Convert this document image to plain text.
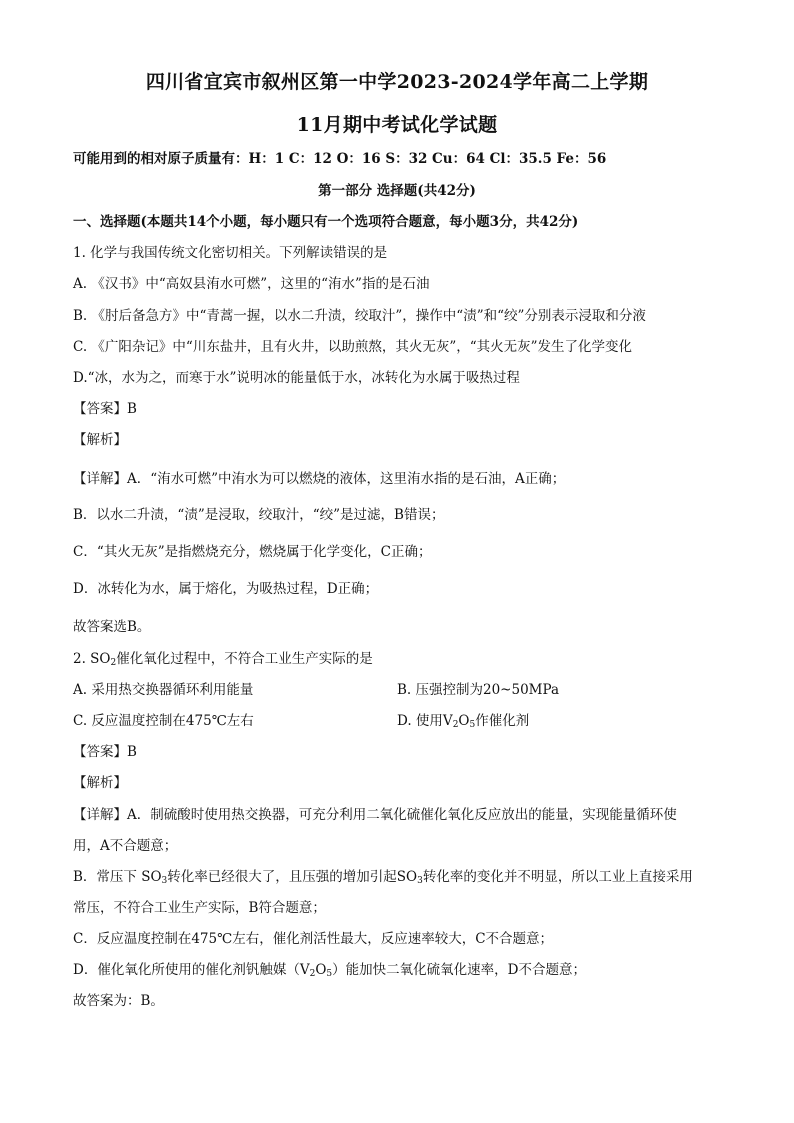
四川省宜宾市叙州区第一中学2023-2024学年高二上学期
11月期中考试化学试题
可能用到的相对原子质量有：H：1 C：12 O：16 S：32 Cu：64 Cl：35.5 Fe：56
第一部分 选择题(共42分)
一、选择题(本题共14个小题，每小题只有一个选项符合题意，每小题3分，共42分)
1. 化学与我国传统文化密切相关。下列解读错误的是
A. 《汉书》中“高奴县洧水可燃”，这里的“洧水”指的是石油
B. 《肘后备急方》中“青蒿一握，以水二升渍，绞取汁”，操作中“渍”和“绞”分别表示浸取和分液
C. 《广阳杂记》中“川东盐井，且有火井，以助煎熬，其火无灰”，“其火无灰”发生了化学变化
D.“冰，水为之，而寒于水”说明冰的能量低于水，冰转化为水属于吸热过程
【答案】B
【解析】
【详解】A．“洧水可燃”中洧水为可以燃烧的液体，这里洧水指的是石油，A正确；
B．以水二升渍，“渍”是浸取，绞取汁，“绞”是过滤，B错误；
C．“其火无灰”是指燃烧充分，燃烧属于化学变化，C正确；
D．冰转化为水，属于熔化，为吸热过程，D正确；
故答案选B。
2. $SO_2$催化氧化过程中，不符合工业生产实际的是
A. 采用热交换器循环利用能量	B. 压强控制为20~50MPa
C. 反应温度控制在475℃左右	D. 使用$V_2O_5$作催化剂
【答案】B
【解析】
【详解】A．制硫酸时使用热交换器，可充分利用二氧化硫催化氧化反应放出的能量，实现能量循环使
用，A不合题意；
B．常压下 $SO_3$转化率已经很大了，且压强的增加引起$SO_3$转化率的变化并不明显，所以工业上直接采用
常压，不符合工业生产实际，B符合题意；
C．反应温度控制在475℃左右，催化剂活性最大，反应速率较大，C不合题意；
D．催化氧化所使用的催化剂钒触媒$(V_2O_5)$能加快二氧化硫氧化速率，D不合题意；
故答案为：B。
